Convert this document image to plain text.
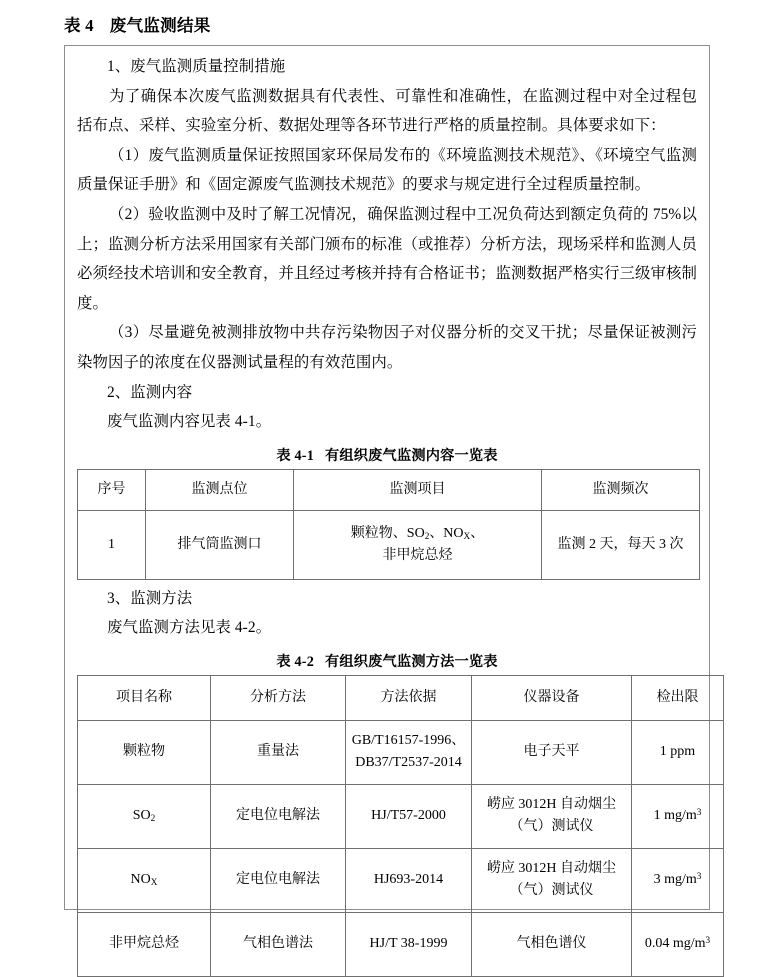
表 4 废气监测结果

1、废气监测质量控制措施

为了确保本次废气监测数据具有代表性、可靠性和准确性，在监测过程中对全过程包括布点、采样、实验室分析、数据处理等各环节进行严格的质量控制。具体要求如下：

（1）废气监测质量保证按照国家环保局发布的《环境监测技术规范》、《环境空气监测质量保证手册》和《固定源废气监测技术规范》的要求与规定进行全过程质量控制。

（2）验收监测中及时了解工况情况，确保监测过程中工况负荷达到额定负荷的 75%以上；监测分析方法采用国家有关部门颁布的标准（或推荐）分析方法，现场采样和监测人员必须经技术培训和安全教育，并且经过考核并持有合格证书；监测数据严格实行三级审核制度。

（3）尽量避免被测排放物中共存污染物因子对仪器分析的交叉干扰；尽量保证被测污染物因子的浓度在仪器测试量程的有效范围内。

2、监测内容

废气监测内容见表 4-1。

表 4-1 有组织废气监测内容一览表
序号	监测点位	监测项目	监测频次
1	排气筒监测口	颗粒物、$SO_2$、$NO_X$、
非甲烷总烃	监测 2 天，每天 3 次

3、监测方法

废气监测方法见表 4-2。

表 4-2 有组织废气监测方法一览表
项目名称	分析方法	方法依据	仪器设备	检出限
颗粒物	重量法	GB/T16157-1996、
DB37/T2537-2014	电子天平	1 ppm
$SO_2$	定电位电解法	HJ/T57-2000	崂应 3012H 自动烟尘
（气）测试仪	1 $mg/m^3$
$NO_X$	定电位电解法	HJ693-2014	崂应 3012H 自动烟尘
（气）测试仪	3 $mg/m^3$
非甲烷总烃	气相色谱法	HJ/T 38-1999	气相色谱仪	0.04 $mg/m^3$
